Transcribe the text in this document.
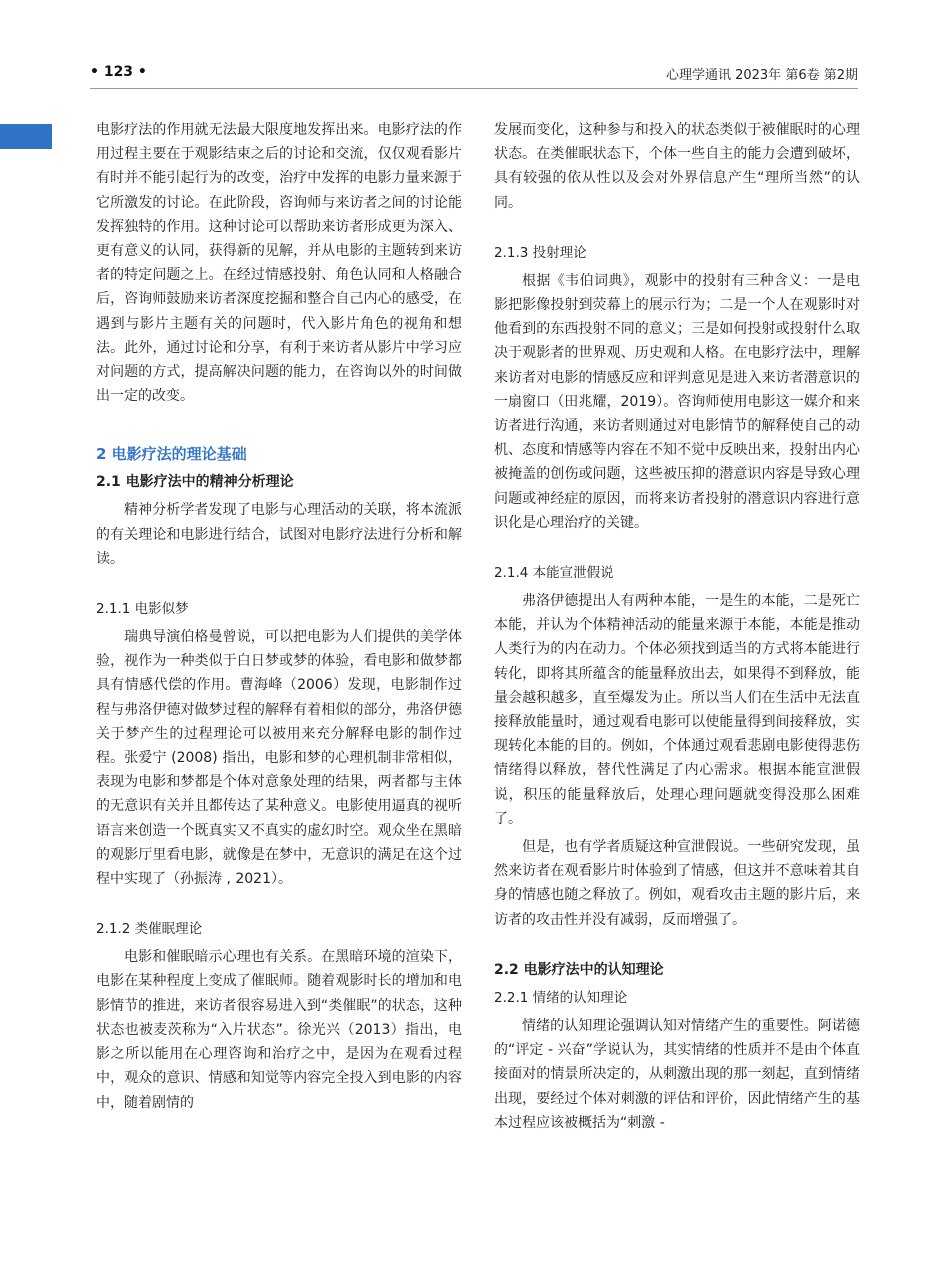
• 123 •	心理学通讯 2023年 第6卷 第2期

电影疗法的作用就无法最大限度地发挥出来。电影疗法的作用过程主要在于观影结束之后的讨论和交流，仅仅观看影片有时并不能引起行为的改变，治疗中发挥的电影力量来源于它所激发的讨论。在此阶段，咨询师与来访者之间的讨论能发挥独特的作用。这种讨论可以帮助来访者形成更为深入、更有意义的认同，获得新的见解，并从电影的主题转到来访者的特定问题之上。在经过情感投射、角色认同和人格融合后，咨询师鼓励来访者深度挖掘和整合自己内心的感受，在遇到与影片主题有关的问题时，代入影片角色的视角和想法。此外，通过讨论和分享，有利于来访者从影片中学习应对问题的方式，提高解决问题的能力，在咨询以外的时间做出一定的改变。

2 电影疗法的理论基础
2.1 电影疗法中的精神分析理论

精神分析学者发现了电影与心理活动的关联，将本流派的有关理论和电影进行结合，试图对电影疗法进行分析和解读。

2.1.1 电影似梦

瑞典导演伯格曼曾说，可以把电影为人们提供的美学体验，视作为一种类似于白日梦或梦的体验，看电影和做梦都具有情感代偿的作用。曹海峰（2006）发现，电影制作过程与弗洛伊德对做梦过程的解释有着相似的部分，弗洛伊德关于梦产生的过程理论可以被用来充分解释电影的制作过程。张爱宁 (2008) 指出，电影和梦的心理机制非常相似，表现为电影和梦都是个体对意象处理的结果，两者都与主体的无意识有关并且都传达了某种意义。电影使用逼真的视听语言来创造一个既真实又不真实的虚幻时空。观众坐在黑暗的观影厅里看电影，就像是在梦中，无意识的满足在这个过程中实现了（孙振涛 , 2021）。

2.1.2 类催眠理论

电影和催眠暗示心理也有关系。在黑暗环境的渲染下，电影在某种程度上变成了催眠师。随着观影时长的增加和电影情节的推进，来访者很容易进入到“类催眠”的状态，这种状态也被麦茨称为“入片状态”。徐光兴（2013）指出，电影之所以能用在心理咨询和治疗之中，是因为在观看过程中，观众的意识、情感和知觉等内容完全投入到电影的内容中，随着剧情的

发展而变化，这种参与和投入的状态类似于被催眠时的心理状态。在类催眠状态下，个体一些自主的能力会遭到破坏，具有较强的依从性以及会对外界信息产生“理所当然”的认同。

2.1.3 投射理论

根据《韦伯词典》，观影中的投射有三种含义：一是电影把影像投射到荧幕上的展示行为；二是一个人在观影时对他看到的东西投射不同的意义；三是如何投射或投射什么取决于观影者的世界观、历史观和人格。在电影疗法中，理解来访者对电影的情感反应和评判意见是进入来访者潜意识的一扇窗口（田兆耀，2019）。咨询师使用电影这一媒介和来访者进行沟通，来访者则通过对电影情节的解释使自己的动机、态度和情感等内容在不知不觉中反映出来，投射出内心被掩盖的创伤或问题，这些被压抑的潜意识内容是导致心理问题或神经症的原因，而将来访者投射的潜意识内容进行意识化是心理治疗的关键。

2.1.4 本能宣泄假说

弗洛伊德提出人有两种本能，一是生的本能，二是死亡本能，并认为个体精神活动的能量来源于本能，本能是推动人类行为的内在动力。个体必须找到适当的方式将本能进行转化，即将其所蕴含的能量释放出去，如果得不到释放，能量会越积越多，直至爆发为止。所以当人们在生活中无法直接释放能量时，通过观看电影可以使能量得到间接释放，实现转化本能的目的。例如，个体通过观看悲剧电影使得悲伤情绪得以释放，替代性满足了内心需求。根据本能宣泄假说，积压的能量释放后，处理心理问题就变得没那么困难了。

但是，也有学者质疑这种宣泄假说。一些研究发现，虽然来访者在观看影片时体验到了情感，但这并不意味着其自身的情感也随之释放了。例如，观看攻击主题的影片后，来访者的攻击性并没有减弱，反而增强了。

2.2 电影疗法中的认知理论
2.2.1 情绪的认知理论

情绪的认知理论强调认知对情绪产生的重要性。阿诺德的“评定 - 兴奋”学说认为，其实情绪的性质并不是由个体直接面对的情景所决定的，从刺激出现的那一刻起，直到情绪出现，要经过个体对刺激的评估和评价，因此情绪产生的基本过程应该被概括为“刺激 -
